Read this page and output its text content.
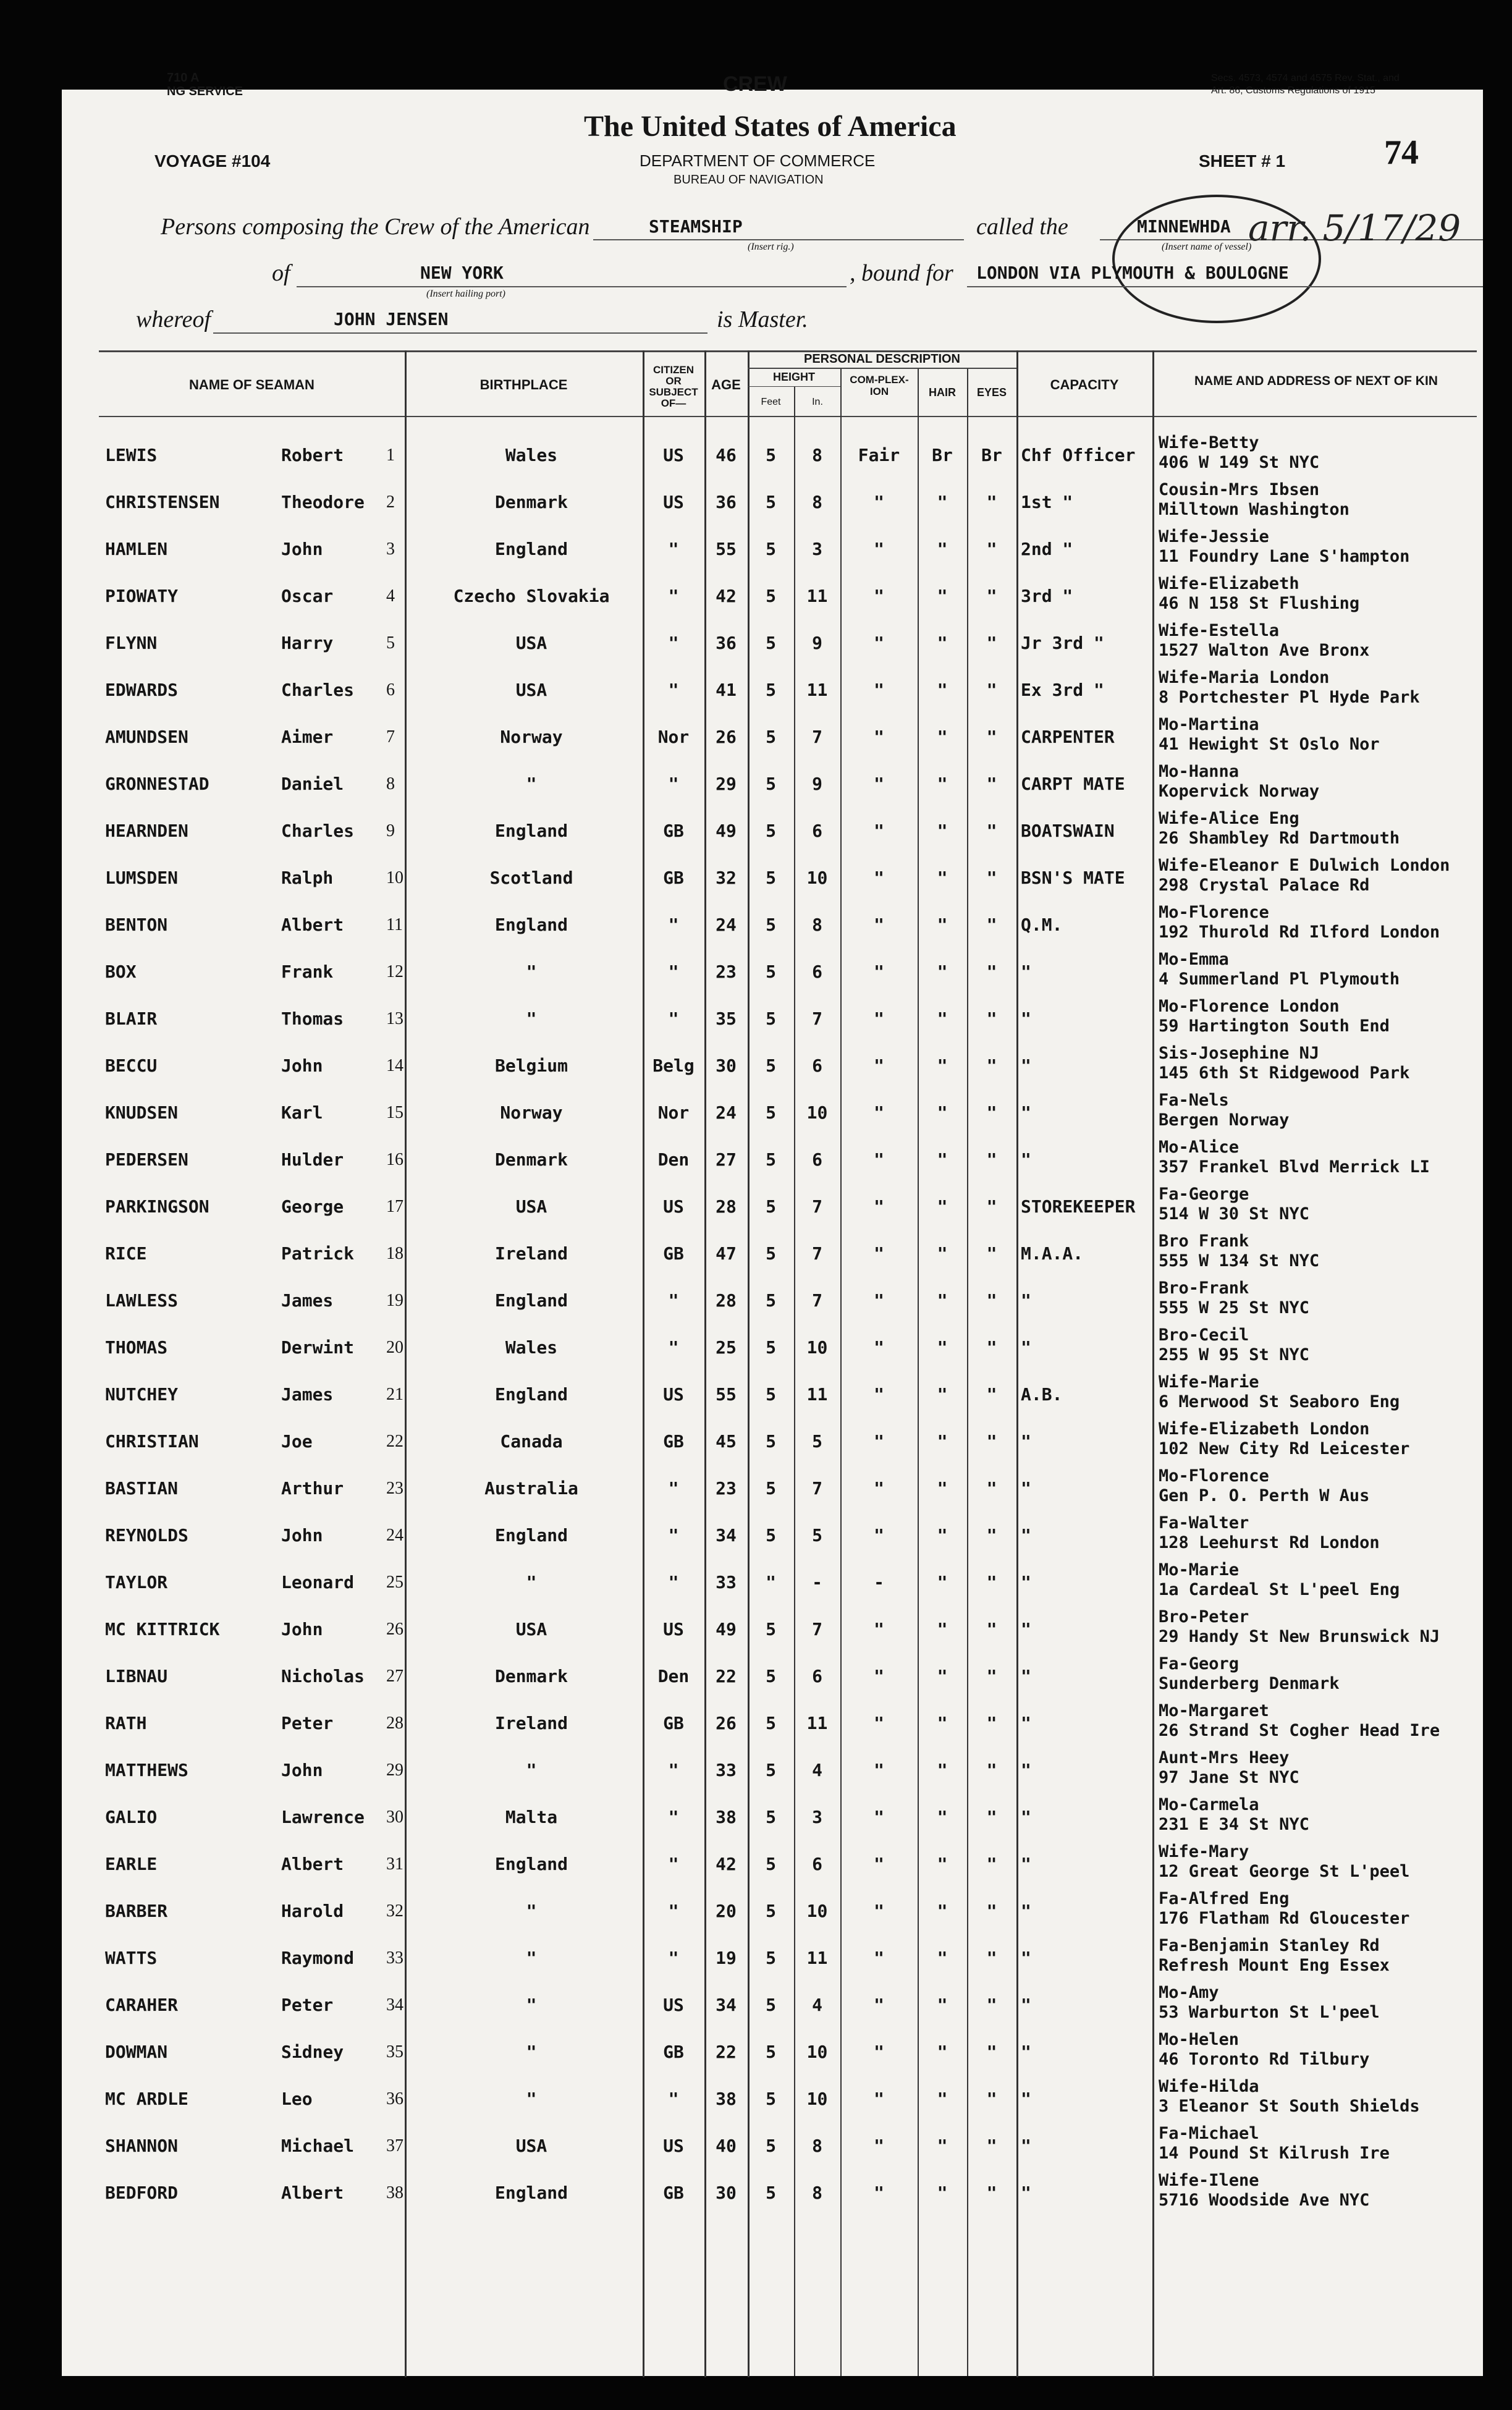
710 A
NG SERVICE	CREW	Secs. 4573, 4574 and 4575 Rev. Stat., and
Art. 86, Customs Regulations of 1915
The United States of America
DEPARTMENT OF COMMERCE
BUREAU OF NAVIGATION
VOYAGE #104	SHEET # 1	74
Persons composing the Crew of the American	STEAMSHIP
(Insert rig.)
called the	MINNEWHDA
(Insert name of vessel)
arr. 5/17/29
of	NEW YORK
(Insert hailing port)
, bound for LONDON VIA PLYMOUTH & BOULOGNE
whereof	JOHN JENSEN	is Master.
NAME OF SEAMAN	BIRTHPLACE
CITIZEN OR SUBJECT OF—
AGE
PERSONAL DESCRIPTION
HEIGHT
Feet	In.
COM-PLEX-ION	HAIR	EYES	CAPACITY	NAME AND ADDRESS OF NEXT OF KIN
LEWIS	Robert	1	Wales	US	46	5	8	Fair	Br	Br	Chf Officer
Wife-Betty
406 W 149 St NYC
CHRISTENSEN	Theodore	2	Denmark	US	36	5	8	"	"	"	1st "
Cousin-Mrs Ibsen
Milltown Washington
HAMLEN	John	3	England	"	55	5	3	"	"	"	2nd "
Wife-Jessie
11 Foundry Lane S'hampton
PIOWATY	Oscar	4	Czecho Slovakia	"	42	5	11	"	"	"	3rd "
Wife-Elizabeth
46 N 158 St Flushing
FLYNN	Harry	5	USA	"	36	5	9	"	"	"	Jr 3rd "
Wife-Estella
1527 Walton Ave Bronx
EDWARDS	Charles	6	USA	"	41	5	11	"	"	"	Ex 3rd "
Wife-Maria London
8 Portchester Pl Hyde Park
AMUNDSEN	Aimer	7	Norway	Nor	26	5	7	"	"	"	CARPENTER
Mo-Martina
41 Hewight St Oslo Nor
GRONNESTAD	Daniel	8	"	"	29	5	9	"	"	"	CARPT MATE
Mo-Hanna
Kopervick Norway
HEARNDEN	Charles	9	England	GB	49	5	6	"	"	"	BOATSWAIN
Wife-Alice Eng
26 Shambley Rd Dartmouth
LUMSDEN	Ralph	10	Scotland	GB	32	5	10	"	"	"	BSN'S MATE
Wife-Eleanor E Dulwich London
298 Crystal Palace Rd
BENTON	Albert	11	England	"	24	5	8	"	"	"	Q.M.
Mo-Florence
192 Thurold Rd Ilford London
BOX	Frank	12	"	"	23	5	6	"	"	"	"
Mo-Emma
4 Summerland Pl Plymouth
BLAIR	Thomas	13	"	"	35	5	7	"	"	"	"
Mo-Florence London
59 Hartington South End
BECCU	John	14	Belgium	Belg	30	5	6	"	"	"	"
Sis-Josephine NJ
145 6th St Ridgewood Park
KNUDSEN	Karl	15	Norway	Nor	24	5	10	"	"	"	"
Fa-Nels
Bergen Norway
PEDERSEN	Hulder	16	Denmark	Den	27	5	6	"	"	"	"
Mo-Alice
357 Frankel Blvd Merrick LI
PARKINGSON	George	17	USA	US	28	5	7	"	"	"	STOREKEEPER
Fa-George
514 W 30 St NYC
RICE	Patrick	18	Ireland	GB	47	5	7	"	"	"	M.A.A.
Bro Frank
555 W 134 St NYC
LAWLESS	James	19	England	"	28	5	7	"	"	"	"
Bro-Frank
555 W 25 St NYC
THOMAS	Derwint	20	Wales	"	25	5	10	"	"	"	"
Bro-Cecil
255 W 95 St NYC
NUTCHEY	James	21	England	US	55	5	11	"	"	"	A.B.
Wife-Marie
6 Merwood St Seaboro Eng
CHRISTIAN	Joe	22	Canada	GB	45	5	5	"	"	"	"
Wife-Elizabeth London
102 New City Rd Leicester
BASTIAN	Arthur	23	Australia	"	23	5	7	"	"	"	"
Mo-Florence
Gen P. O. Perth W Aus
REYNOLDS	John	24	England	"	34	5	5	"	"	"	"
Fa-Walter
128 Leehurst Rd London
TAYLOR	Leonard	25	"	"	33	"	-	-	"	"	"
Mo-Marie
1a Cardeal St L'peel Eng
MC KITTRICK	John	26	USA	US	49	5	7	"	"	"	"
Bro-Peter
29 Handy St New Brunswick NJ
LIBNAU	Nicholas	27	Denmark	Den	22	5	6	"	"	"	"
Fa-Georg
Sunderberg Denmark
RATH	Peter	28	Ireland	GB	26	5	11	"	"	"	"
Mo-Margaret
26 Strand St Cogher Head Ire
MATTHEWS	John	29	"	"	33	5	4	"	"	"	"
Aunt-Mrs Heey
97 Jane St NYC
GALIO	Lawrence	30	Malta	"	38	5	3	"	"	"	"
Mo-Carmela
231 E 34 St NYC
EARLE	Albert	31	England	"	42	5	6	"	"	"	"
Wife-Mary
12 Great George St L'peel
BARBER	Harold	32	"	"	20	5	10	"	"	"	"
Fa-Alfred Eng
176 Flatham Rd Gloucester
WATTS	Raymond	33	"	"	19	5	11	"	"	"	"
Fa-Benjamin Stanley Rd
Refresh Mount Eng Essex
CARAHER	Peter	34	"	US	34	5	4	"	"	"	"
Mo-Amy
53 Warburton St L'peel
DOWMAN	Sidney	35	"	GB	22	5	10	"	"	"	"
Mo-Helen
46 Toronto Rd Tilbury
MC ARDLE	Leo	36	"	"	38	5	10	"	"	"	"
Wife-Hilda
3 Eleanor St South Shields
SHANNON	Michael	37	USA	US	40	5	8	"	"	"	"
Fa-Michael
14 Pound St Kilrush Ire
BEDFORD	Albert	38	England	GB	30	5	8	"	"	"	"
Wife-Ilene
5716 Woodside Ave NYC
